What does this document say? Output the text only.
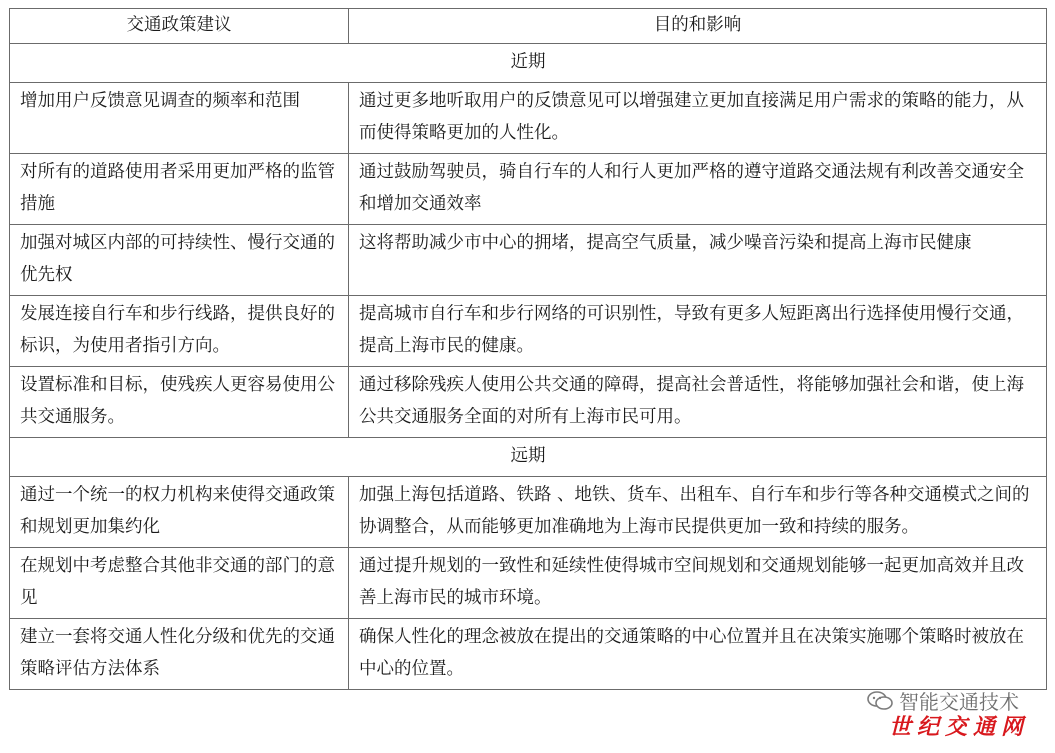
交通政策建议	目的和影响
近期	
增加用户反馈意见调查的频率和范围	通过更多地听取用户的反馈意见可以增强建立更加直接满足用户需求的策略的能力，从而使得策略更加的人性化。
对所有的道路使用者采用更加严格的监管措施	通过鼓励驾驶员，骑自行车的人和行人更加严格的遵守道路交通法规有利改善交通安全和增加交通效率
加强对城区内部的可持续性、慢行交通的优先权	这将帮助减少市中心的拥堵，提高空气质量，减少噪音污染和提高上海市民健康
发展连接自行车和步行线路，提供良好的标识，为使用者指引方向。	提高城市自行车和步行网络的可识别性，导致有更多人短距离出行选择使用慢行交通，提高上海市民的健康。
设置标准和目标，使残疾人更容易使用公共交通服务。	通过移除残疾人使用公共交通的障碍，提高社会普适性，将能够加强社会和谐，使上海公共交通服务全面的对所有上海市民可用。
远期	
通过一个统一的权力机构来使得交通政策和规划更加集约化	加强上海包括道路、铁路 、地铁、货车、出租车、自行车和步行等各种交通模式之间的协调整合，从而能够更加准确地为上海市民提供更加一致和持续的服务。
在规划中考虑整合其他非交通的部门的意见	通过提升规划的一致性和延续性使得城市空间规划和交通规划能够一起更加高效并且改善上海市民的城市环境。
建立一套将交通人性化分级和优先的交通策略评估方法体系	确保人性化的理念被放在提出的交通策略的中心位置并且在决策实施哪个策略时被放在中心的位置。
智能交通技术
世纪交通网
